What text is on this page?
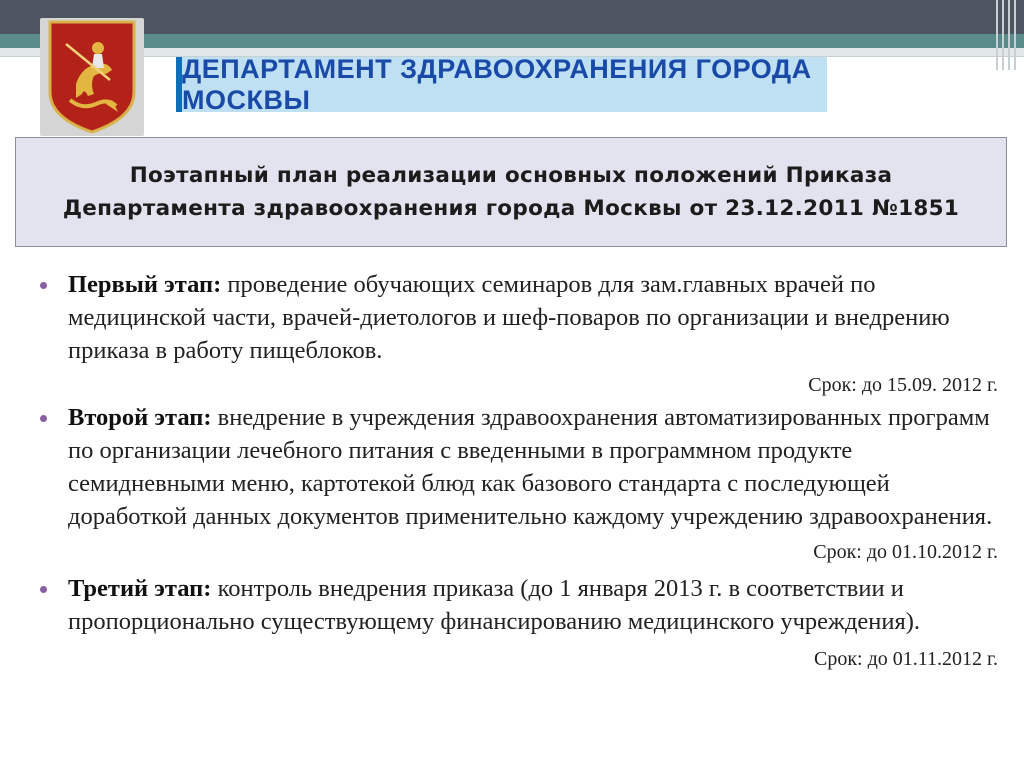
ДЕПАРТАМЕНТ ЗДРАВООХРАНЕНИЯ ГОРОДА МОСКВЫ
Поэтапный план реализации основных положений Приказа
Департамента здравоохранения города Москвы от 23.12.2011 №1851

Первый этап: проведение обучающих семинаров для зам.главных врачей по медицинской части, врачей-диетологов и шеф-поваров по организации и внедрению приказа в работу пищеблоков.

Срок: до 15.09. 2012 г.

Второй этап: внедрение в учреждения здравоохранения автоматизированных программ по организации лечебного питания с введенными в программном продукте семидневными меню, картотекой блюд как базового стандарта с последующей доработкой данных документов применительно каждому учреждению здравоохранения.

Срок: до 01.10.2012 г.

Третий этап: контроль внедрения приказа (до 1 января 2013 г. в соответствии и пропорционально существующему финансированию медицинского учреждения).

Срок: до 01.11.2012 г.
